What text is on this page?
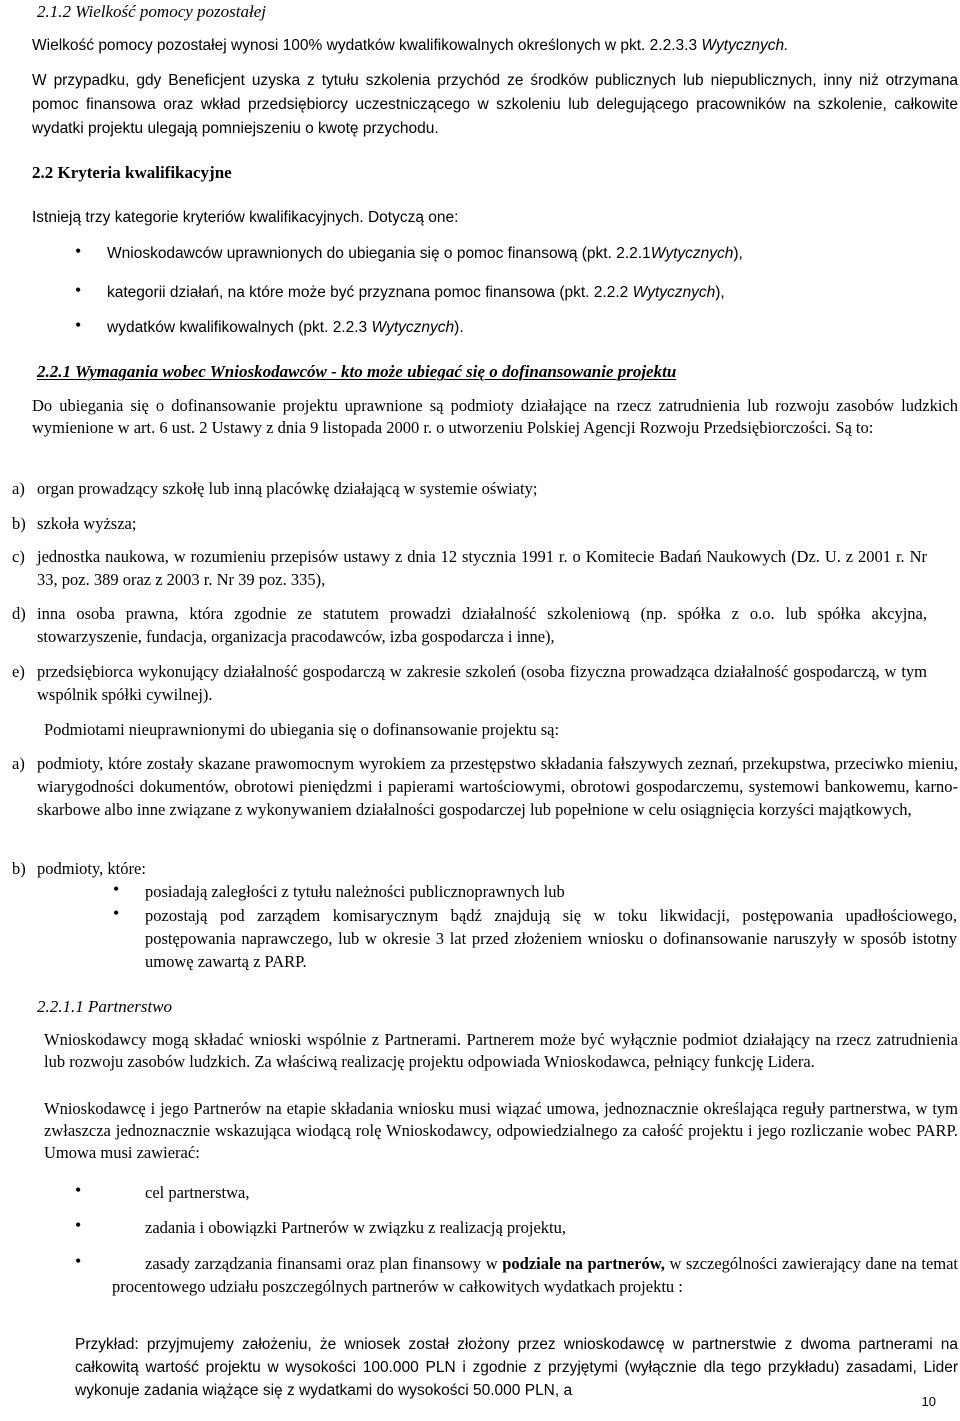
2.1.2 Wielkość pomocy pozostałej
Wielkość pomocy pozostałej wynosi 100% wydatków kwalifikowalnych określonych w pkt. 2.2.3.3 Wytycznych.
W przypadku, gdy Beneficjent uzyska z tytułu szkolenia przychód ze środków publicznych lub niepublicznych, inny niż otrzymana pomoc finansowa oraz wkład przedsiębiorcy uczestniczącego w szkoleniu lub delegującego pracowników na szkolenie, całkowite wydatki projektu ulegają pomniejszeniu o kwotę przychodu.
2.2 Kryteria kwalifikacyjne
Istnieją trzy kategorie kryteriów kwalifikacyjnych. Dotyczą one:
• Wnioskodawców uprawnionych do ubiegania się o pomoc finansową (pkt. 2.2.1Wytycznych),
• kategorii działań, na które może być przyznana pomoc finansowa (pkt. 2.2.2 Wytycznych),
• wydatków kwalifikowalnych (pkt. 2.2.3 Wytycznych).
2.2.1 Wymagania wobec Wnioskodawców - kto może ubiegać się o dofinansowanie projektu
Do ubiegania się o dofinansowanie projektu uprawnione są podmioty działające na rzecz zatrudnienia lub rozwoju zasobów ludzkich wymienione w art. 6 ust. 2 Ustawy z dnia 9 listopada 2000 r. o utworzeniu Polskiej Agencji Rozwoju Przedsiębiorczości. Są to:
a) organ prowadzący szkołę lub inną placówkę działającą w systemie oświaty;
b) szkoła wyższa;
c) jednostka naukowa, w rozumieniu przepisów ustawy z dnia 12 stycznia 1991 r. o Komitecie Badań Naukowych (Dz. U. z 2001 r. Nr 33, poz. 389 oraz z 2003 r. Nr 39 poz. 335),
d) inna osoba prawna, która zgodnie ze statutem prowadzi działalność szkoleniową (np. spółka z o.o. lub spółka akcyjna, stowarzyszenie, fundacja, organizacja pracodawców, izba gospodarcza i inne),
e) przedsiębiorca wykonujący działalność gospodarczą w zakresie szkoleń (osoba fizyczna prowadząca działalność gospodarczą, w tym wspólnik spółki cywilnej).
Podmiotami nieuprawnionymi do ubiegania się o dofinansowanie projektu są:
a) podmioty, które zostały skazane prawomocnym wyrokiem za przestępstwo składania fałszywych zeznań, przekupstwa, przeciwko mieniu, wiarygodności dokumentów, obrotowi pieniędzmi i papierami wartościowymi, obrotowi gospodarczemu, systemowi bankowemu, karno-skarbowe albo inne związane z wykonywaniem działalności gospodarczej lub popełnione w celu osiągnięcia korzyści majątkowych,
b) podmioty, które:
• posiadają zaległości z tytułu należności publicznoprawnych lub
• pozostają pod zarządem komisarycznym bądź znajdują się w toku likwidacji, postępowania upadłościowego, postępowania naprawczego, lub w okresie 3 lat przed złożeniem wniosku o dofinansowanie naruszyły w sposób istotny umowę zawartą z PARP.
2.2.1.1 Partnerstwo
Wnioskodawcy mogą składać wnioski wspólnie z Partnerami. Partnerem może być wyłącznie podmiot działający na rzecz zatrudnienia lub rozwoju zasobów ludzkich. Za właściwą realizację projektu odpowiada Wnioskodawca, pełniący funkcję Lidera.
Wnioskodawcę i jego Partnerów na etapie składania wniosku musi wiązać umowa, jednoznacznie określająca reguły partnerstwa, w tym zwłaszcza jednoznacznie wskazująca wiodącą rolę Wnioskodawcy, odpowiedzialnego za całość projektu i jego rozliczanie wobec PARP. Umowa musi zawierać:
•	cel partnerstwa,
•	zadania i obowiązki Partnerów w związku z realizacją projektu,
•	zasady zarządzania finansami oraz plan finansowy w podziale na partnerów, w szczególności zawierający dane na temat procentowego udziału poszczególnych partnerów w całkowitych wydatkach projektu :
Przykład: przyjmujemy założeniu, że wniosek został złożony przez wnioskodawcę w partnerstwie z dwoma partnerami na całkowitą wartość projektu w wysokości 100.000 PLN i zgodnie z przyjętymi (wyłącznie dla tego przykładu) zasadami, Lider wykonuje zadania wiążące się z wydatkami do wysokości 50.000 PLN, a
10
